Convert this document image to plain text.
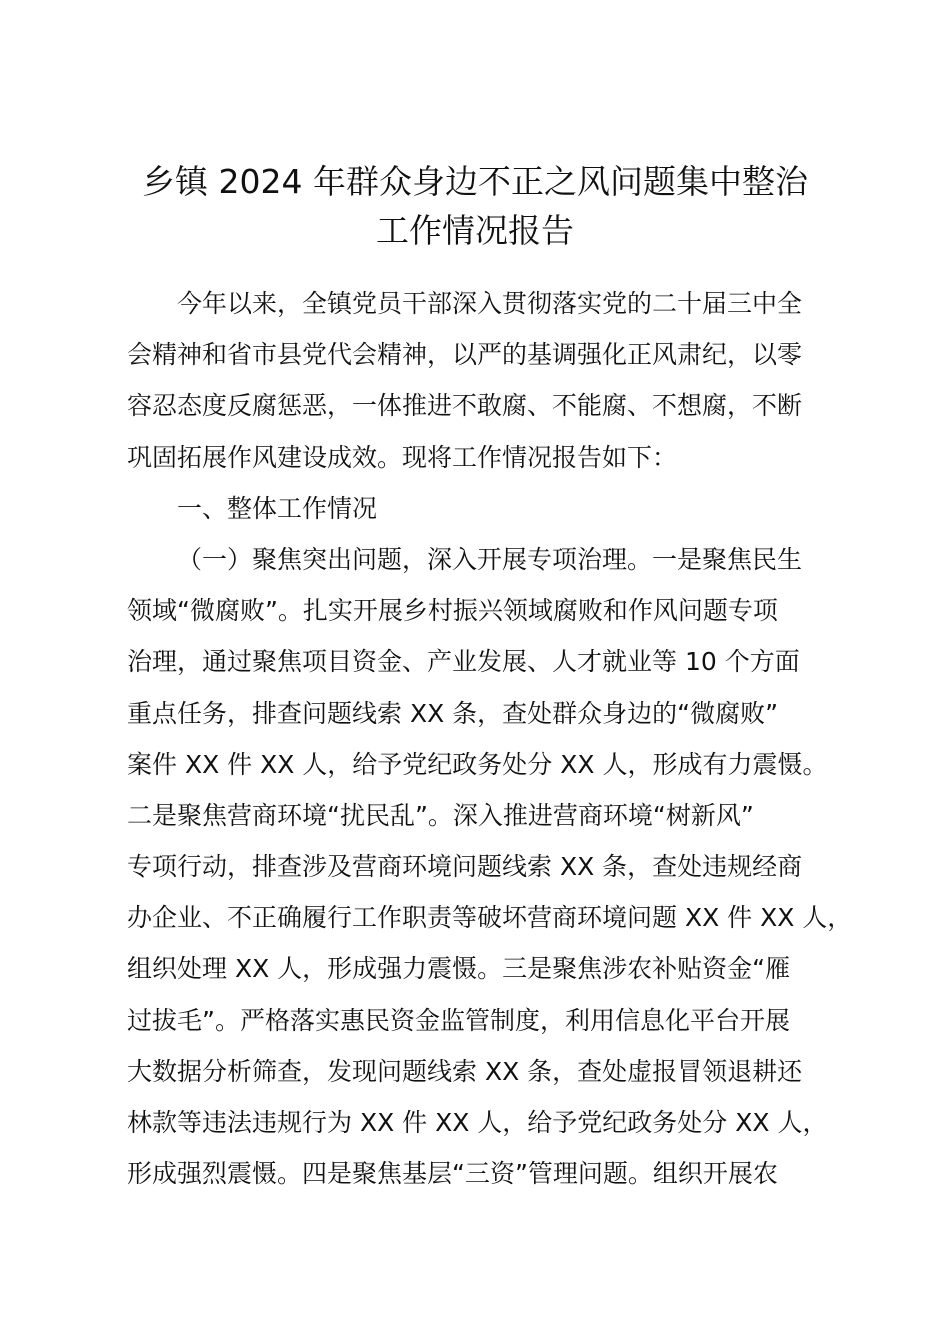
乡镇 2024 年群众身边不正之风问题集中整治
工作情况报告
今年以来，全镇党员干部深入贯彻落实党的二十届三中全
会精神和省市县党代会精神，以严的基调强化正风肃纪，以零
容忍态度反腐惩恶，一体推进不敢腐、不能腐、不想腐，不断
巩固拓展作风建设成效。现将工作情况报告如下：
一、整体工作情况
（一）聚焦突出问题，深入开展专项治理。一是聚焦民生
领域“微腐败”。扎实开展乡村振兴领域腐败和作风问题专项
治理，通过聚焦项目资金、产业发展、人才就业等 10 个方面
重点任务，排查问题线索 XX 条，查处群众身边的“微腐败”
案件 XX 件 XX 人，给予党纪政务处分 XX 人，形成有力震慑。
二是聚焦营商环境“扰民乱”。深入推进营商环境“树新风”
专项行动，排查涉及营商环境问题线索 XX 条，查处违规经商
办企业、不正确履行工作职责等破坏营商环境问题 XX 件 XX 人，
组织处理 XX 人，形成强力震慑。三是聚焦涉农补贴资金“雁
过拔毛”。严格落实惠民资金监管制度，利用信息化平台开展
大数据分析筛查，发现问题线索 XX 条，查处虚报冒领退耕还
林款等违法违规行为 XX 件 XX 人，给予党纪政务处分 XX 人，
形成强烈震慑。四是聚焦基层“三资”管理问题。组织开展农
